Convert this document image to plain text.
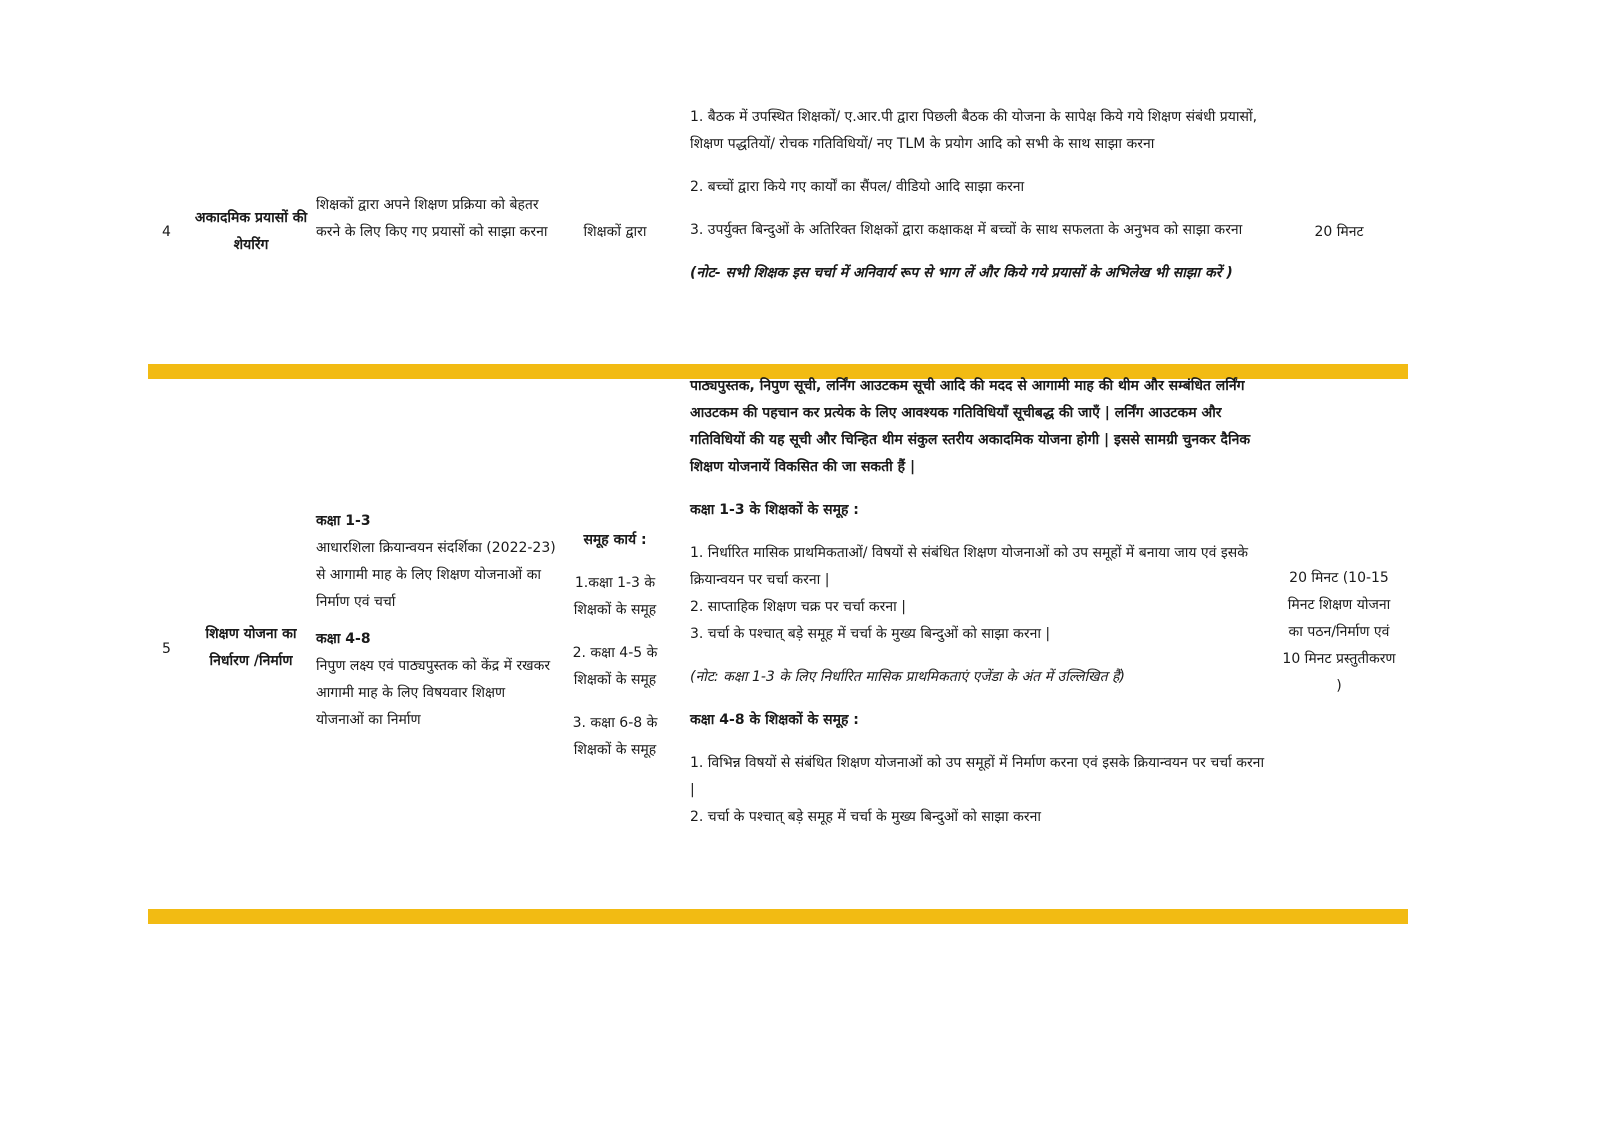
4
अकादमिक प्रयासों की शेयरिंग
शिक्षकों द्वारा अपने शिक्षण प्रक्रिया को बेहतर करने के लिए किए गए प्रयासों को साझा करना	शिक्षकों द्वारा

1. बैठक में उपस्थित शिक्षकों/ ए.आर.पी द्वारा पिछली बैठक की योजना के सापेक्ष किये गये शिक्षण संबंधी प्रयासों, शिक्षण पद्धतियों/ रोचक गतिविधियों/ नए TLM के प्रयोग आदि को सभी के साथ साझा करना

2. बच्चों द्वारा किये गए कार्यों का सैंपल/ वीडियो आदि साझा करना

3. उपर्युक्त बिन्दुओं के अतिरिक्त शिक्षकों द्वारा कक्षाकक्ष में बच्चों के साथ सफलता के अनुभव को साझा करना

(नोट- सभी शिक्षक इस चर्चा में अनिवार्य रूप से भाग लें और किये गये प्रयासों के अभिलेख भी साझा करें )

20 मिनट
5
शिक्षण योजना का निर्धारण /निर्माण

कक्षा 1-3

आधारशिला क्रियान्वयन संदर्शिका (2022-23) से आगामी माह के लिए शिक्षण योजनाओं का निर्माण एवं चर्चा

कक्षा 4-8

निपुण लक्ष्य एवं पाठ्यपुस्तक को केंद्र में रखकर आगामी माह के लिए विषयवार शिक्षण योजनाओं का निर्माण

समूह कार्य :

1.कक्षा 1-3 के शिक्षकों के समूह

2. कक्षा 4-5 के शिक्षकों के समूह

3. कक्षा 6-8 के शिक्षकों के समूह

पाठ्यपुस्तक, निपुण सूची, लर्निंग आउटकम सूची आदि की मदद से आगामी माह की थीम और सम्बंधित लर्निंग आउटकम की पहचान कर प्रत्येक के लिए आवश्यक गतिविधियाँ सूचीबद्ध की जाएँ | लर्निंग आउटकम और गतिविधियों की यह सूची और चिन्हित थीम संकुल स्तरीय अकादमिक योजना होगी | इससे सामग्री चुनकर दैनिक शिक्षण योजनायें विकसित की जा सकती हैं |

कक्षा 1-3 के शिक्षकों के समूह :

1. निर्धारित मासिक प्राथमिकताओं/ विषयों से संबंधित शिक्षण योजनाओं को उप समूहों में बनाया जाय एवं इसके क्रियान्वयन पर चर्चा करना |

2. साप्ताहिक शिक्षण चक्र पर चर्चा करना |

3. चर्चा के पश्चात् बड़े समूह में चर्चा के मुख्य बिन्दुओं को साझा करना |

(नोट: कक्षा 1-3 के लिए निर्धारित मासिक प्राथमिकताएं एजेंडा के अंत में उल्लिखित हैं)

कक्षा 4-8 के शिक्षकों के समूह :

1. विभिन्न विषयों से संबंधित शिक्षण योजनाओं को उप समूहों में निर्माण करना एवं इसके क्रियान्वयन पर चर्चा करना |

2. चर्चा के पश्चात् बड़े समूह में चर्चा के मुख्य बिन्दुओं को साझा करना

20 मिनट (10-15 मिनट शिक्षण योजना का पठन/निर्माण एवं 10 मिनट प्रस्तुतीकरण )
